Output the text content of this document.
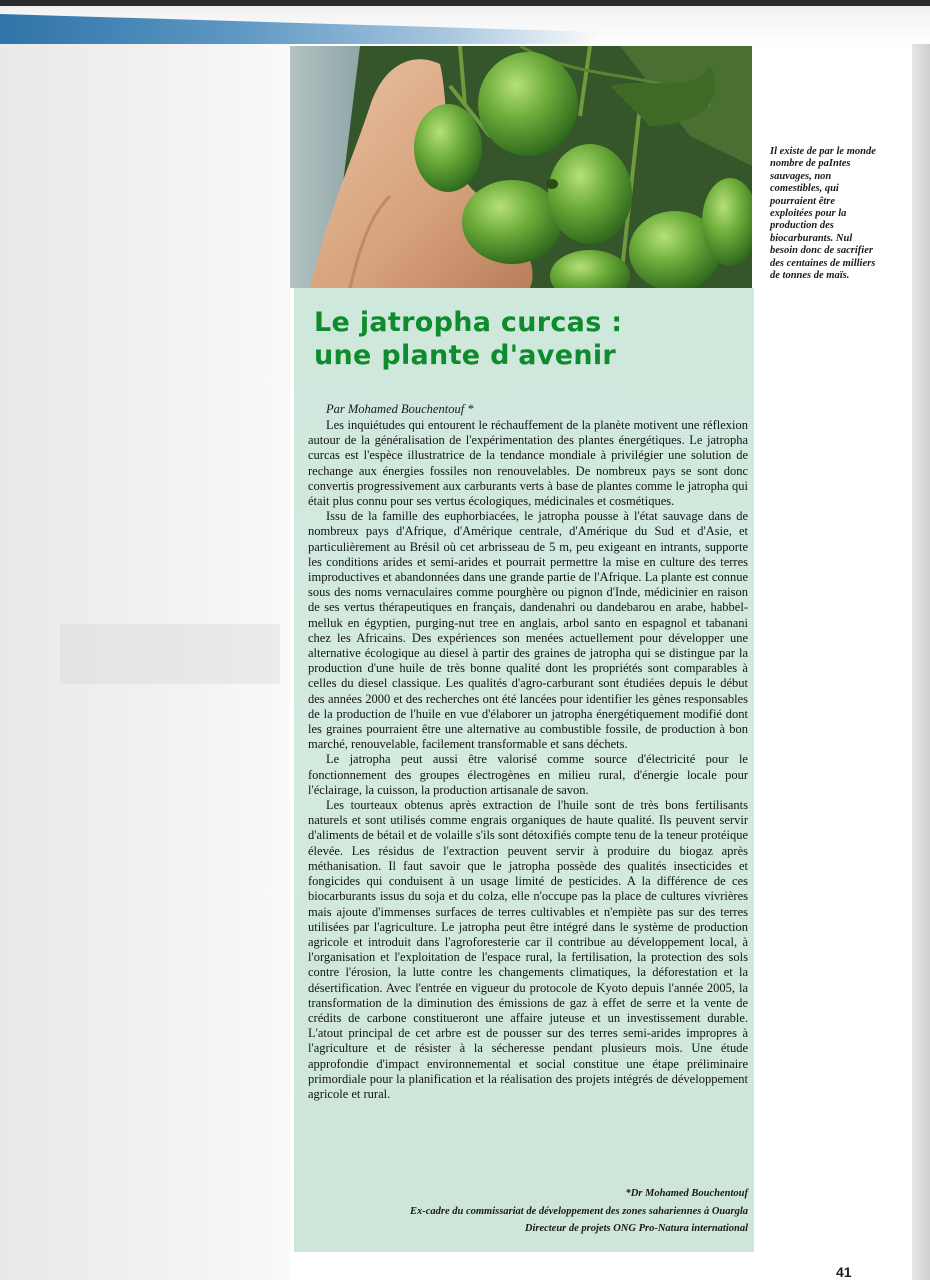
Il existe de par le monde nombre de paIntes sauvages, non comestibles, qui pourraient être exploitées pour la production des biocarburants. Nul besoin donc de sacrifier des centaines de milliers de tonnes de maïs.
Le jatropha curcas :
une plante d'avenir
Par Mohamed Bouchentouf *

Les inquiétudes qui entourent le réchauffement de la planète motivent une réflexion autour de la généralisation de l'expérimentation des plantes énergétiques. Le jatropha curcas est l'espèce illustratrice de la tendance mondiale à privilégier une solution de rechange aux énergies fossiles non renouvelables. De nombreux pays se sont donc convertis progressivement aux carburants verts à base de plantes comme le jatropha qui était plus connu pour ses vertus écologiques, médicinales et cosmétiques.

Issu de la famille des euphorbiacées, le jatropha pousse à l'état sauvage dans de nombreux pays d'Afrique, d'Amérique centrale, d'Amérique du Sud et d'Asie, et particulièrement au Brésil où cet arbrisseau de 5 m, peu exigeant en intrants, supporte les conditions arides et semi-arides et pourrait permettre la mise en culture des terres improductives et abandonnées dans une grande partie de l'Afrique. La plante est connue sous des noms vernaculaires comme pourghère ou pignon d'Inde, médicinier en raison de ses vertus thérapeutiques en français, dandenahri ou dandebarou en arabe, habbel-melluk en égyptien, purging-nut tree en anglais, arbol santo en espagnol et tabanani chez les Africains. Des expériences son menées actuellement pour développer une alternative écologique au diesel à partir des graines de jatropha qui se distingue par la production d'une huile de très bonne qualité dont les propriétés sont comparables à celles du diesel classique. Les qualités d'agro-carburant sont étudiées depuis le début des années 2000 et des recherches ont été lancées pour identifier les gènes responsables de la production de l'huile en vue d'élaborer un jatropha énergétiquement modifié dont les graines pourraient être une alternative au combustible fossile, de production à bon marché, renouvelable, facilement transformable et sans déchets.

Le jatropha peut aussi être valorisé comme source d'électricité pour le fonctionnement des groupes électrogènes en milieu rural, d'énergie locale pour l'éclairage, la cuisson, la production artisanale de savon.

Les tourteaux obtenus après extraction de l'huile sont de très bons fertilisants naturels et sont utilisés comme engrais organiques de haute qualité. Ils peuvent servir d'aliments de bétail et de volaille s'ils sont détoxifiés compte tenu de la teneur protéique élevée. Les résidus de l'extraction peuvent servir à produire du biogaz après méthanisation. Il faut savoir que le jatropha possède des qualités insecticides et fongicides qui conduisent à un usage limité de pesticides. A la différence de ces biocarburants issus du soja et du colza, elle n'occupe pas la place de cultures vivrières mais ajoute d'immenses surfaces de terres cultivables et n'empiète pas sur des terres utilisées par l'agriculture. Le jatropha peut être intégré dans le système de production agricole et introduit dans l'agroforesterie car il contribue au développement local, à l'organisation et l'exploitation de l'espace rural, la fertilisation, la protection des sols contre l'érosion, la lutte contre les changements climatiques, la déforestation et la désertification. Avec l'entrée en vigueur du protocole de Kyoto depuis l'année 2005, la transformation de la diminution des émissions de gaz à effet de serre et la vente de crédits de carbone constitueront une affaire juteuse et un investissement durable. L'atout principal de cet arbre est de pousser sur des terres semi-arides impropres à l'agriculture et de résister à la sécheresse pendant plusieurs mois. Une étude approfondie d'impact environnemental et social constitue une étape préliminaire primordiale pour la planification et la réalisation des projets intégrés de développement agricole et rural.

*Dr Mohamed Bouchentouf
Ex-cadre du commissariat de développement des zones sahariennes à Ouargla
Directeur de projets ONG Pro-Natura international
41
